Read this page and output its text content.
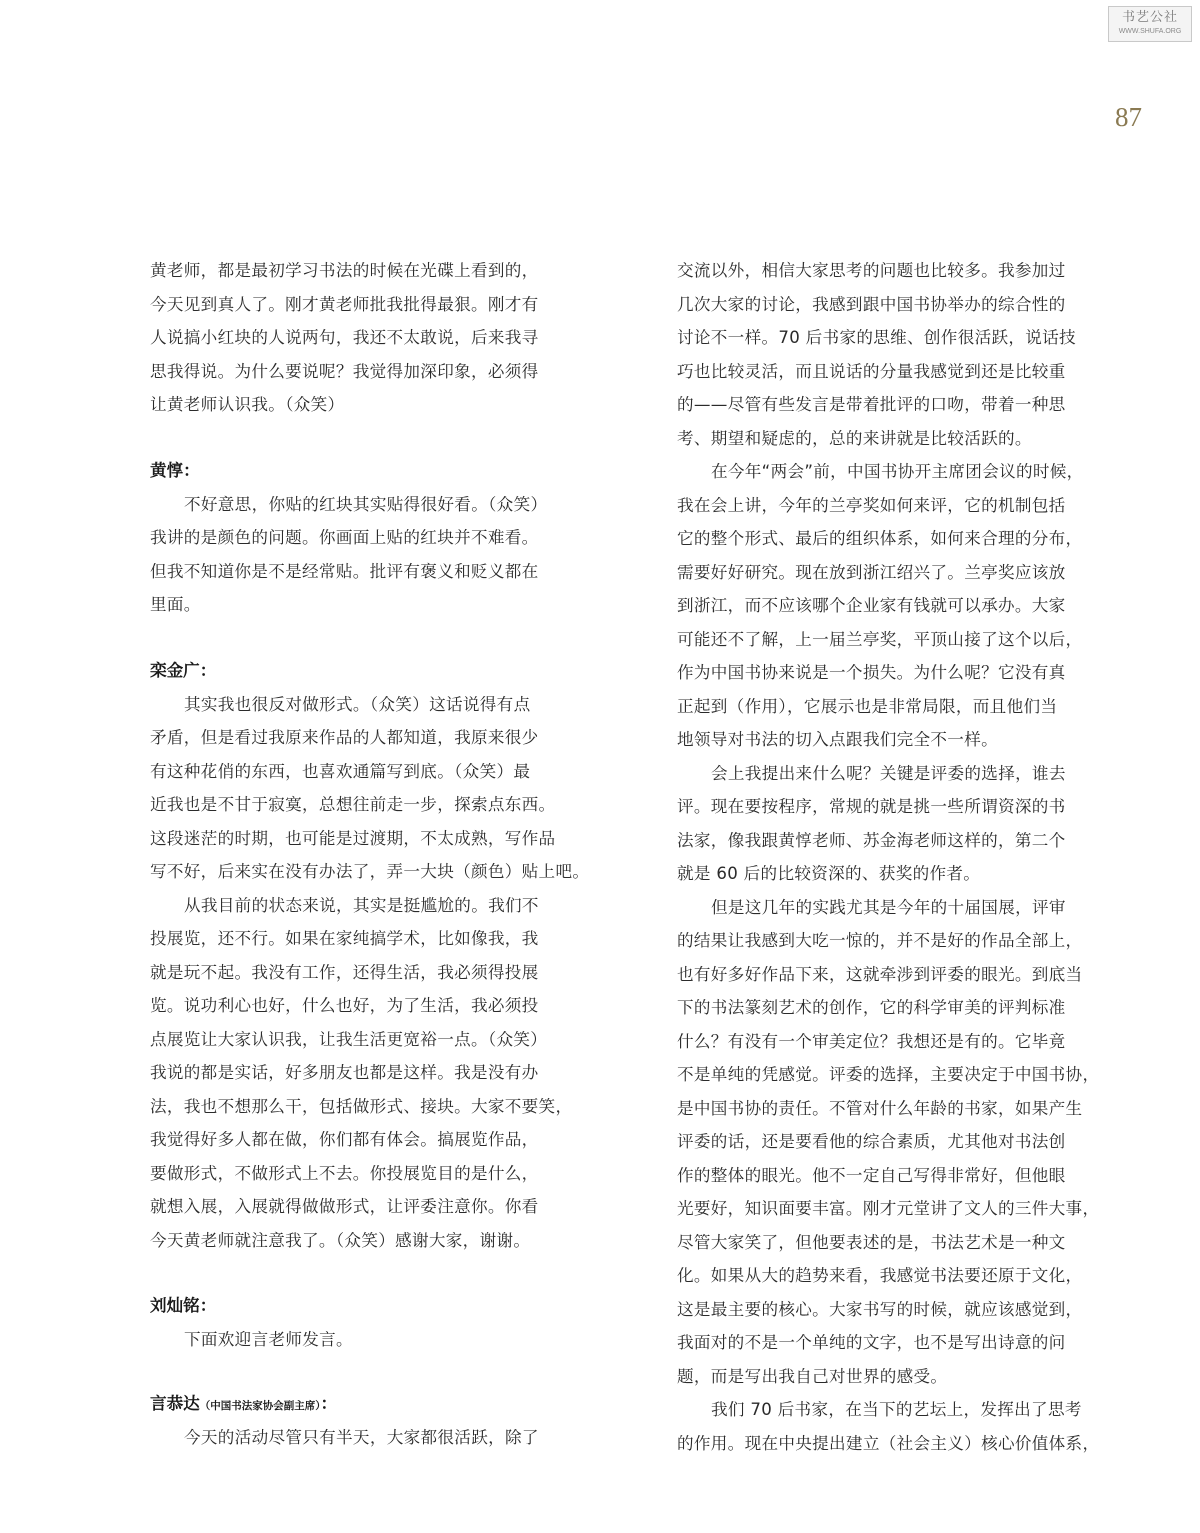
书艺公社
WWW.SHUFA.ORG
87
黄老师，都是最初学习书法的时候在光碟上看到的，
今天见到真人了。刚才黄老师批我批得最狠。刚才有
人说搞小红块的人说两句，我还不太敢说，后来我寻
思我得说。为什么要说呢？我觉得加深印象，必须得
让黄老师认识我。（众笑）
黄惇：
不好意思，你贴的红块其实贴得很好看。（众笑）
我讲的是颜色的问题。你画面上贴的红块并不难看。
但我不知道你是不是经常贴。批评有褒义和贬义都在
里面。
栾金广：
其实我也很反对做形式。（众笑）这话说得有点
矛盾，但是看过我原来作品的人都知道，我原来很少
有这种花俏的东西，也喜欢通篇写到底。（众笑）最
近我也是不甘于寂寞，总想往前走一步，探索点东西。
这段迷茫的时期，也可能是过渡期，不太成熟，写作品
写不好，后来实在没有办法了，弄一大块（颜色）贴上吧。
从我目前的状态来说，其实是挺尴尬的。我们不
投展览，还不行。如果在家纯搞学术，比如像我，我
就是玩不起。我没有工作，还得生活，我必须得投展
览。说功利心也好，什么也好，为了生活，我必须投
点展览让大家认识我，让我生活更宽裕一点。（众笑）
我说的都是实话，好多朋友也都是这样。我是没有办
法，我也不想那么干，包括做形式、接块。大家不要笑，
我觉得好多人都在做，你们都有体会。搞展览作品，
要做形式，不做形式上不去。你投展览目的是什么，
就想入展，入展就得做做形式，让评委注意你。你看
今天黄老师就注意我了。（众笑）感谢大家，谢谢。
刘灿铭：
下面欢迎言老师发言。
言恭达（中国书法家协会副主席）：
今天的活动尽管只有半天，大家都很活跃，除了
交流以外，相信大家思考的问题也比较多。我参加过
几次大家的讨论，我感到跟中国书协举办的综合性的
讨论不一样。70 后书家的思维、创作很活跃，说话技
巧也比较灵活，而且说话的分量我感觉到还是比较重
的——尽管有些发言是带着批评的口吻，带着一种思
考、期望和疑虑的，总的来讲就是比较活跃的。
在今年“两会”前，中国书协开主席团会议的时候，
我在会上讲，今年的兰亭奖如何来评，它的机制包括
它的整个形式、最后的组织体系，如何来合理的分布，
需要好好研究。现在放到浙江绍兴了。兰亭奖应该放
到浙江，而不应该哪个企业家有钱就可以承办。大家
可能还不了解，上一届兰亭奖，平顶山接了这个以后，
作为中国书协来说是一个损失。为什么呢？它没有真
正起到（作用），它展示也是非常局限，而且他们当
地领导对书法的切入点跟我们完全不一样。
会上我提出来什么呢？关键是评委的选择，谁去
评。现在要按程序，常规的就是挑一些所谓资深的书
法家，像我跟黄惇老师、苏金海老师这样的，第二个
就是 60 后的比较资深的、获奖的作者。
但是这几年的实践尤其是今年的十届国展，评审
的结果让我感到大吃一惊的，并不是好的作品全部上，
也有好多好作品下来，这就牵涉到评委的眼光。到底当
下的书法篆刻艺术的创作，它的科学审美的评判标准
什么？有没有一个审美定位？我想还是有的。它毕竟
不是单纯的凭感觉。评委的选择，主要决定于中国书协，
是中国书协的责任。不管对什么年龄的书家，如果产生
评委的话，还是要看他的综合素质，尤其他对书法创
作的整体的眼光。他不一定自己写得非常好，但他眼
光要好，知识面要丰富。刚才元堂讲了文人的三件大事，
尽管大家笑了，但他要表述的是，书法艺术是一种文
化。如果从大的趋势来看，我感觉书法要还原于文化，
这是最主要的核心。大家书写的时候，就应该感觉到，
我面对的不是一个单纯的文字，也不是写出诗意的问
题，而是写出我自己对世界的感受。
我们 70 后书家，在当下的艺坛上，发挥出了思考
的作用。现在中央提出建立（社会主义）核心价值体系，
